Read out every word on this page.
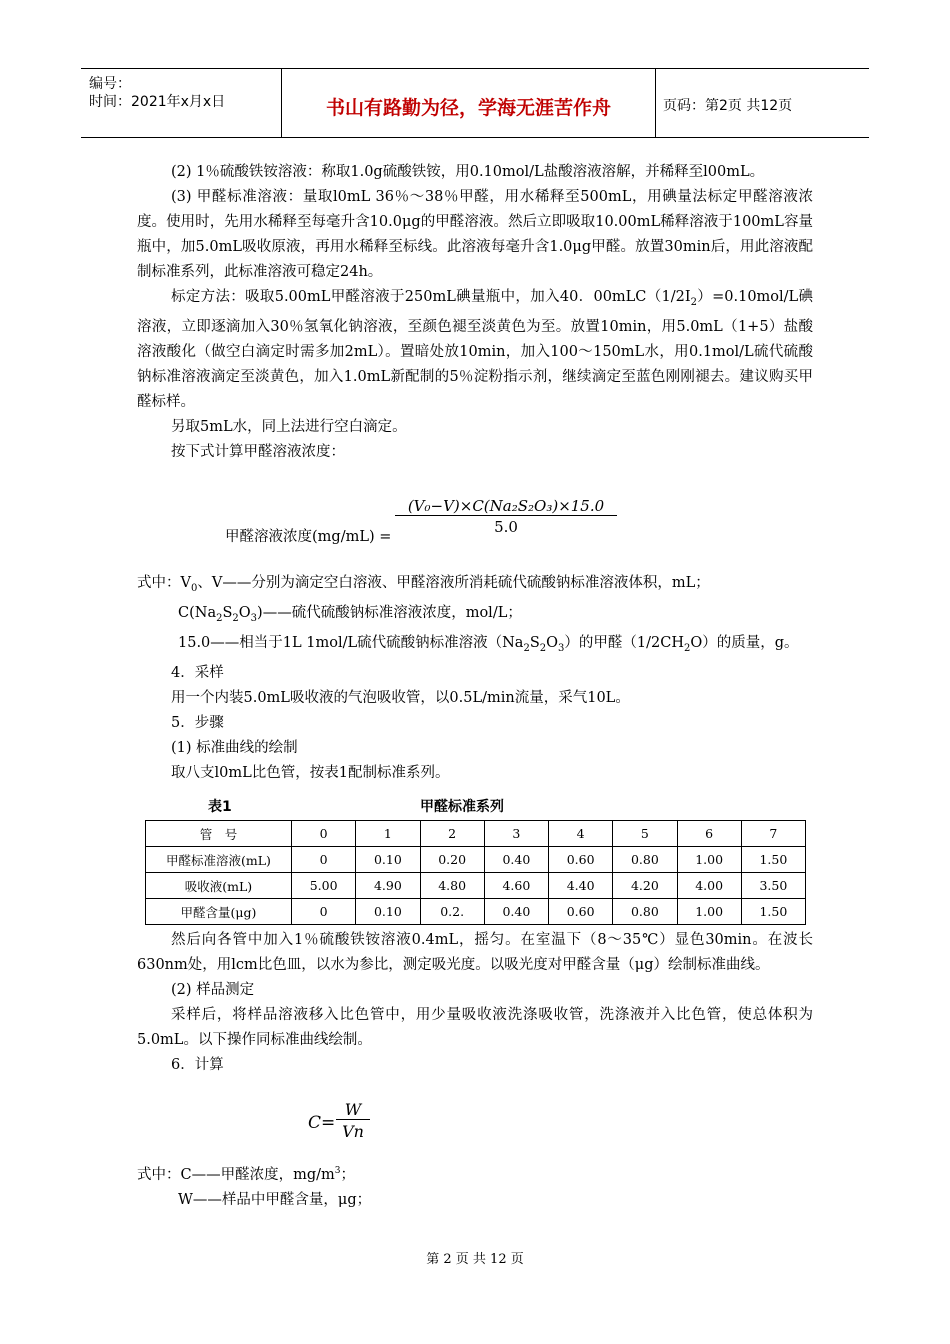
编号：
时间：2021年x月x日	书山有路勤为径，学海无涯苦作舟	页码：第2页 共12页

(2) 1％硫酸铁铵溶液：称取1.0g硫酸铁铵，用0.10mol/L盐酸溶液溶解，并稀释至l00mL。

(3) 甲醛标准溶液：量取l0mL 36％～38％甲醛，用水稀释至500mL，用碘量法标定甲醛溶液浓度。使用时，先用水稀释至每毫升含10.0μg的甲醛溶液。然后立即吸取10.00mL稀释溶液于100mL容量瓶中，加5.0mL吸收原液，再用水稀释至标线。此溶液每毫升含1.0μg甲醛。放置30min后，用此溶液配制标准系列，此标准溶液可稳定24h。

标定方法：吸取5.00mL甲醛溶液于250mL碘量瓶中，加入40．$00mLC(1/2I_2)=0.10mol/L$碘溶液，立即逐滴加入30％氢氧化钠溶液，至颜色褪至淡黄色为至。放置10min，用5.0mL（1+5）盐酸溶液酸化（做空白滴定时需多加2mL）。置暗处放10min，加入100～150mL水，用0.1mol/L硫代硫酸钠标准溶液滴定至淡黄色，加入1.0mL新配制的5％淀粉指示剂，继续滴定至蓝色刚刚褪去。建议购买甲醛标样。

另取5mL水，同上法进行空白滴定。

按下式计算甲醛溶液浓度：

甲醛溶液浓度(mg/mL) =
$\frac{\text{(V₀−V)×C(Na₂S₂O₃)×15.0}}{5.0}$
式中：$V_0$、V——分别为滴定空白溶液、甲醛溶液所消耗硫代硫酸钠标准溶液体积，mL；
$C(Na_2S_2O_3)——$硫代硫酸钠标准溶液浓度，mol/L；
15.0——相当于1L 1mol/L硫代硫酸钠标准溶液$(Na_2S_2O_3)$的甲醛$(1/2CH_2O)$的质量，g。
4．采样
用一个内装5.0mL吸收液的气泡吸收管，以0.5L/min流量，采气10L。
5．步骤
(1) 标准曲线的绘制
取八支l0mL比色管，按表1配制标准系列。
表1	甲醛标准系列
管　号	0	1	2	3	4	5	6	7
甲醛标准溶液(mL)	0	0.10	0.20	0.40	0.60	0.80	1.00	1.50
吸收液(mL)	5.00	4.90	4.80	4.60	4.40	4.20	4.00	3.50
甲醛含量(μg)	0	0.10	0.2.	0.40	0.60	0.80	1.00	1.50
然后向各管中加入1％硫酸铁铵溶液0.4mL，摇匀。在室温下（8～35℃）显色30min。在波长630nm处，用lcm比色皿，以水为参比，测定吸光度。以吸光度对甲醛含量（μg）绘制标准曲线。
(2) 样品测定
采样后，将样品溶液移入比色管中，用少量吸收液洗涤吸收管，洗涤液并入比色管，使总体积为5.0mL。以下操作同标准曲线绘制。
6．计算
$C= \frac{W}{Vn}$
式中：C——甲醛浓度，$mg/m^3$；
W——样品中甲醛含量，μg；
第 2 页 共 12 页
